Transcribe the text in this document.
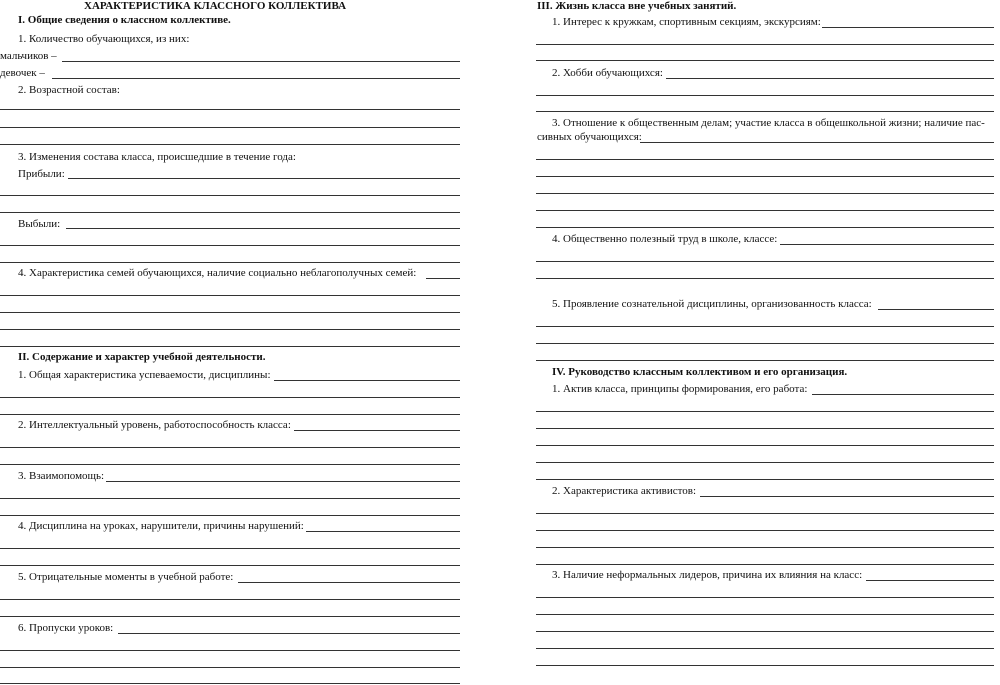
ХАРАКТЕРИСТИКА КЛАССНОГО КОЛЛЕКТИВА
I. Общие сведения о классном коллективе.
1. Количество обучающихся, из них:
мальчиков –
девочек –
2. Возрастной состав:
3. Изменения состава класса, происшедшие в течение года:
Прибыли:
Выбыли:
4. Характеристика семей обучающихся, наличие социально неблагополучных семей:
II. Содержание и характер учебной деятельности.
1. Общая характеристика успеваемости, дисциплины:
2. Интеллектуальный уровень, работоспособность класса:
3. Взаимопомощь:
4. Дисциплина на уроках, нарушители, причины нарушений:
5. Отрицательные моменты в учебной работе:
6. Пропуски уроков:
III. Жизнь класса вне учебных занятий.
1. Интерес к кружкам, спортивным секциям, экскурсиям:
2. Хобби обучающихся:
3. Отношение к общественным делам; участие класса в общешкольной жизни; наличие пас-
сивных обучающихся:
4. Общественно полезный труд в школе, классе:
5. Проявление сознательной дисциплины, организованность класса:
IV. Руководство классным коллективом и его организация.
1. Актив класса, принципы формирования, его работа:
2. Характеристика активистов:
3. Наличие неформальных лидеров, причина их влияния на класс:
